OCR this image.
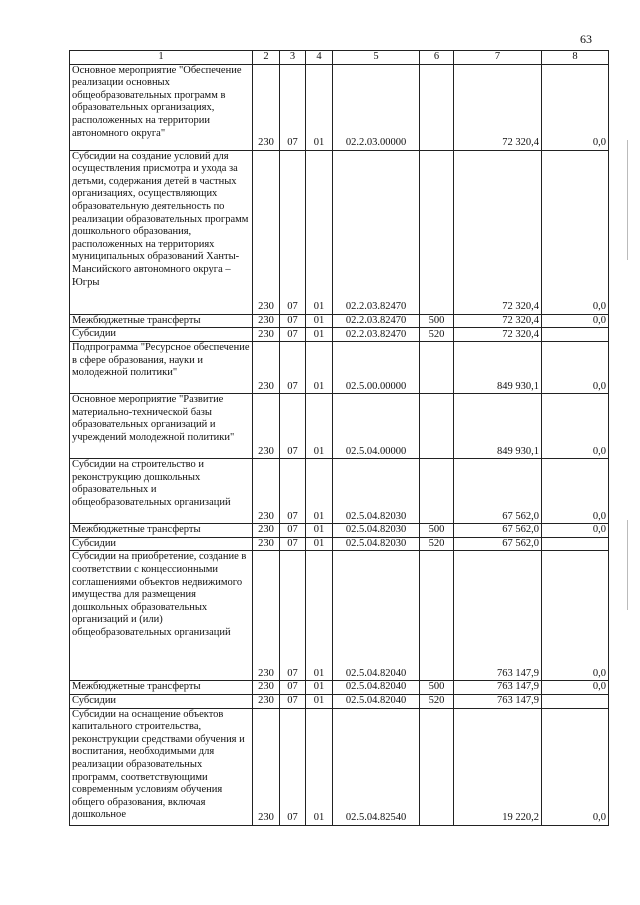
63
1	2	3	4	5	6	7	8
Основное мероприятие "Обеспечение реализации основных общеобразовательных программ в образовательных организациях, расположенных на территории автономного округа"	230	07	01	02.2.03.00000		72 320,4	0,0
Субсидии на создание условий для осуществления присмотра и ухода за детьми, содержания детей в частных организациях, осуществляющих образовательную деятельность по реализации образовательных программ дошкольного образования, расположенных на территориях муниципальных образований Ханты-Мансийского автономного округа – Югры	230	07	01	02.2.03.82470		72 320,4	0,0
Межбюджетные трансферты	230	07	01	02.2.03.82470	500	72 320,4	0,0
Субсидии	230	07	01	02.2.03.82470	520	72 320,4	
Подпрограмма "Ресурсное обеспечение в сфере образования, науки и молодежной политики"	230	07	01	02.5.00.00000		849 930,1	0,0
Основное мероприятие "Развитие материально-технической базы образовательных организаций и учреждений молодежной политики"	230	07	01	02.5.04.00000		849 930,1	0,0
Субсидии на строительство и реконструкцию дошкольных образовательных и общеобразовательных организаций	230	07	01	02.5.04.82030		67 562,0	0,0
Межбюджетные трансферты	230	07	01	02.5.04.82030	500	67 562,0	0,0
Субсидии	230	07	01	02.5.04.82030	520	67 562,0	
Субсидии на приобретение, создание в соответствии с концессионными соглашениями объектов недвижимого имущества для размещения дошкольных образовательных организаций и (или) общеобразовательных организаций	230	07	01	02.5.04.82040		763 147,9	0,0
Межбюджетные трансферты	230	07	01	02.5.04.82040	500	763 147,9	0,0
Субсидии	230	07	01	02.5.04.82040	520	763 147,9	
Субсидии на оснащение объектов капитального строительства, реконструкции средствами обучения и воспитания, необходимыми для реализации образовательных программ, соответствующими современным условиям обучения общего образования, включая дошкольное	230	07	01	02.5.04.82540		19 220,2	0,0
